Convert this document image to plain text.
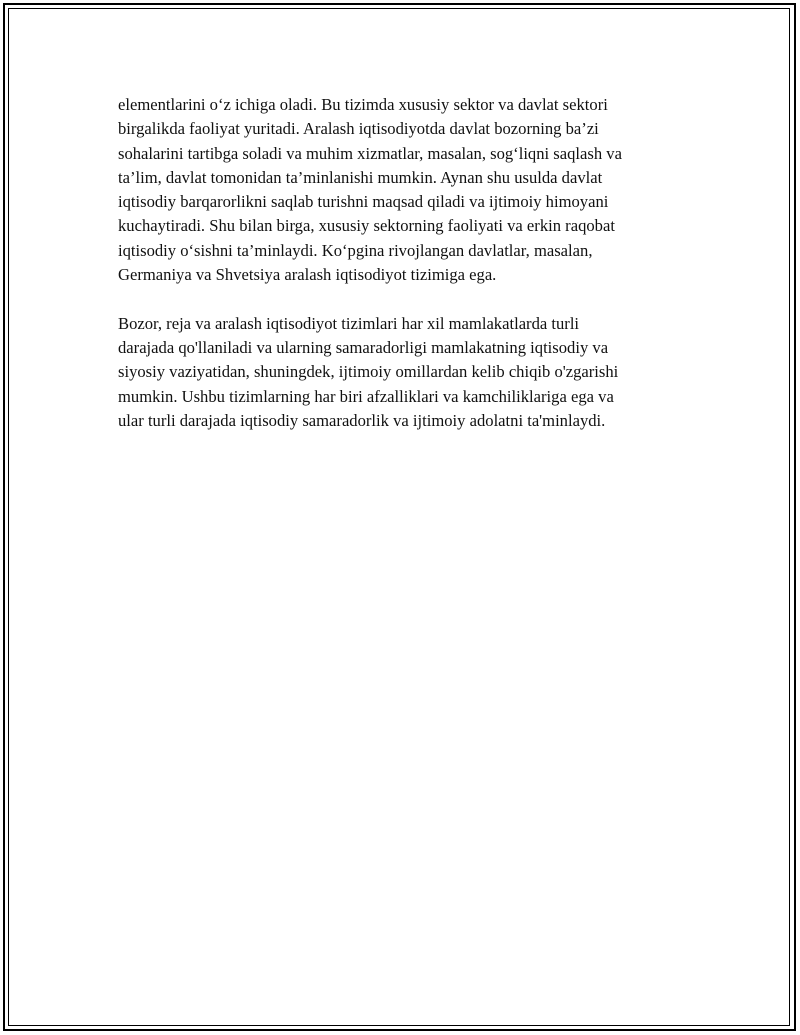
elementlarini o‘z ichiga oladi. Bu tizimda xususiy sektor va davlat sektori
birgalikda faoliyat yuritadi. Aralash iqtisodiyotda davlat bozorning ba’zi
sohalarini tartibga soladi va muhim xizmatlar, masalan, sog‘liqni saqlash va
ta’lim, davlat tomonidan ta’minlanishi mumkin. Aynan shu usulda davlat
iqtisodiy barqarorlikni saqlab turishni maqsad qiladi va ijtimoiy himoyani
kuchaytiradi. Shu bilan birga, xususiy sektorning faoliyati va erkin raqobat
iqtisodiy o‘sishni ta’minlaydi. Ko‘pgina rivojlangan davlatlar, masalan,
Germaniya va Shvetsiya aralash iqtisodiyot tizimiga ega.

Bozor, reja va aralash iqtisodiyot tizimlari har xil mamlakatlarda turli
darajada qo'llaniladi va ularning samaradorligi mamlakatning iqtisodiy va
siyosiy vaziyatidan, shuningdek, ijtimoiy omillardan kelib chiqib o'zgarishi
mumkin. Ushbu tizimlarning har biri afzalliklari va kamchiliklariga ega va
ular turli darajada iqtisodiy samaradorlik va ijtimoiy adolatni ta'minlaydi.
